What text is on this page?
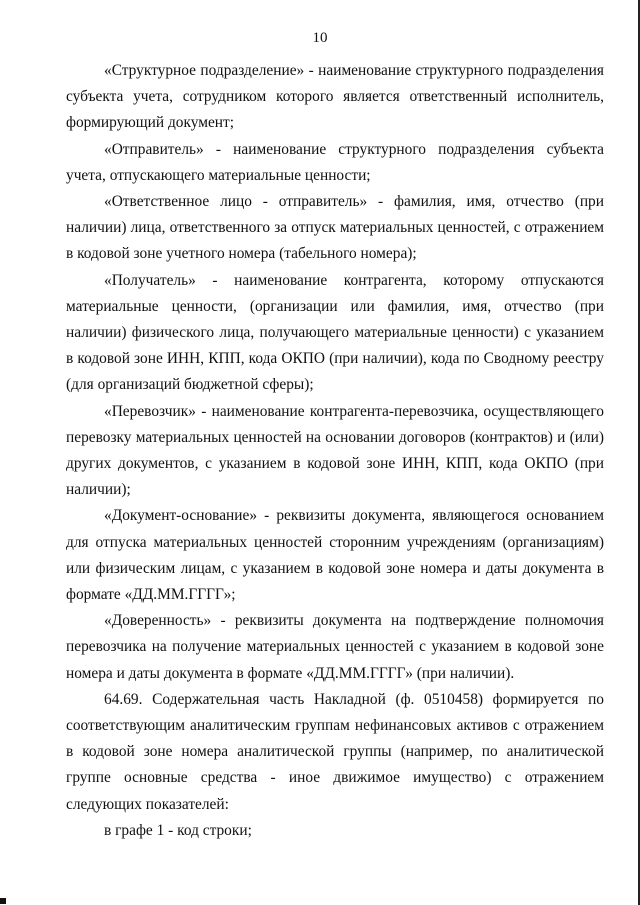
10

«Структурное подразделение» - наименование структурного подразделения субъекта учета, сотрудником которого является ответственный исполнитель, формирующий документ;

«Отправитель» - наименование структурного подразделения субъекта учета, отпускающего материальные ценности;

«Ответственное лицо - отправитель» - фамилия, имя, отчество (при наличии) лица, ответственного за отпуск материальных ценностей, с отражением в кодовой зоне учетного номера (табельного номера);

«Получатель» - наименование контрагента, которому отпускаются материальные ценности, (организации или фамилия, имя, отчество (при наличии) физического лица, получающего материальные ценности) с указанием в кодовой зоне ИНН, КПП, кода ОКПО (при наличии), кода по Сводному реестру (для организаций бюджетной сферы);

«Перевозчик» - наименование контрагента-перевозчика, осуществляющего перевозку материальных ценностей на основании договоров (контрактов) и (или) других документов, с указанием в кодовой зоне ИНН, КПП, кода ОКПО (при наличии);

«Документ-основание» - реквизиты документа, являющегося основанием для отпуска материальных ценностей сторонним учреждениям (организациям) или физическим лицам, с указанием в кодовой зоне номера и даты документа в формате «ДД.ММ.ГГГГ»;

«Доверенность» - реквизиты документа на подтверждение полномочия перевозчика на получение материальных ценностей с указанием в кодовой зоне номера и даты документа в формате «ДД.ММ.ГГГГ» (при наличии).

64.69. Содержательная часть Накладной (ф. 0510458) формируется по соответствующим аналитическим группам нефинансовых активов с отражением в кодовой зоне номера аналитической группы (например, по аналитической группе основные средства - иное движимое имущество) с отражением следующих показателей:

в графе 1 - код строки;
